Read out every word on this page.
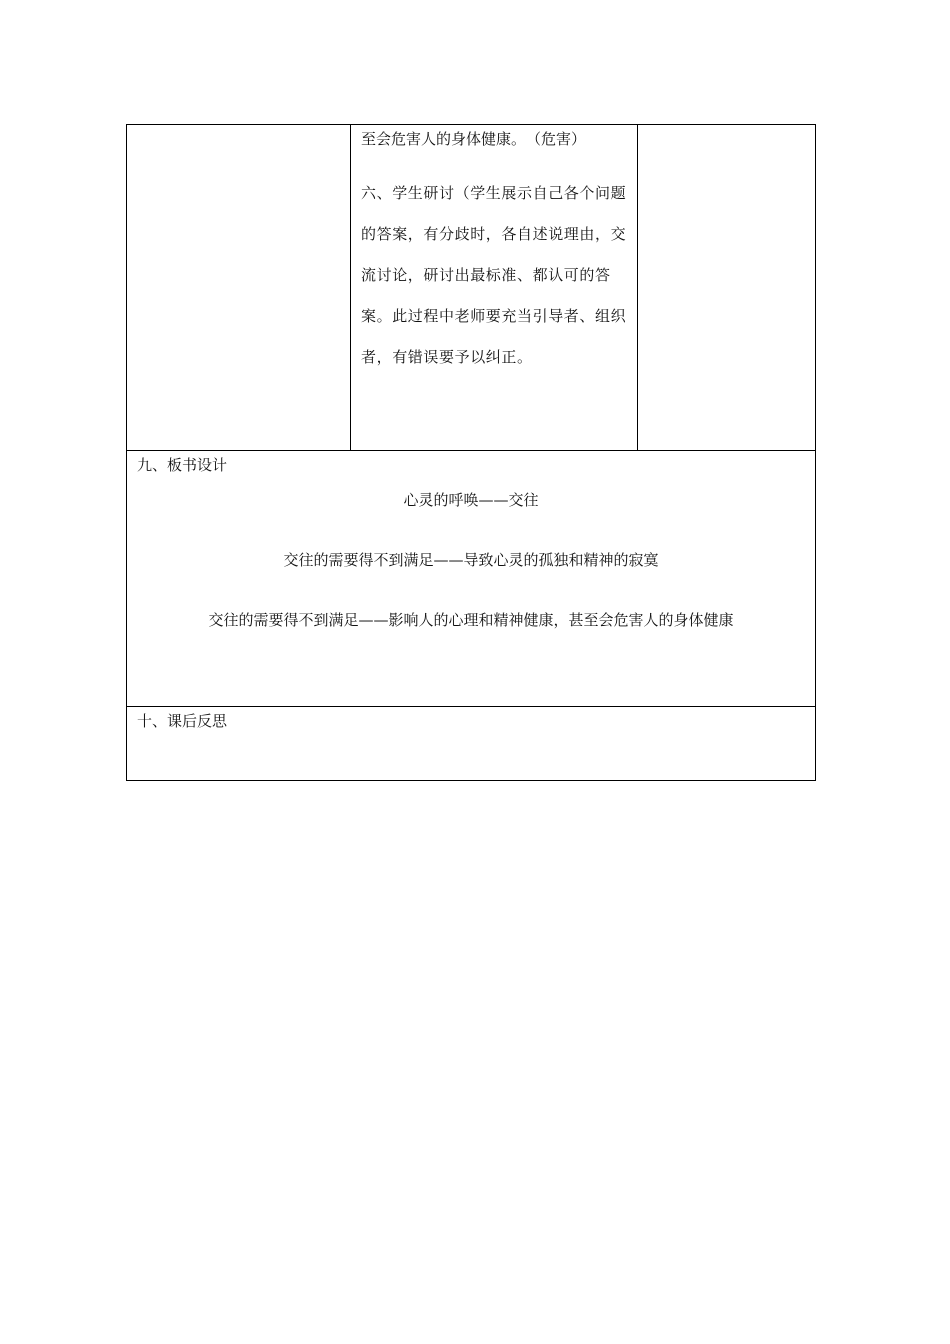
至会危害人的身体健康。　（危害）

六、学生研讨（学生展示自己各个问题的答案，有分歧时，各自述说理由，交流讨论，研讨出最标准、都认可的答案。此过程中老师要充当引导者、组织者，有错误要予以纠正。

九、板书设计
心灵的呼唤——交往
交往的需要得不到满足——导致心灵的孤独和精神的寂寞
交往的需要得不到满足——影响人的心理和精神健康，甚至会危害人的身体健康
十、课后反思
